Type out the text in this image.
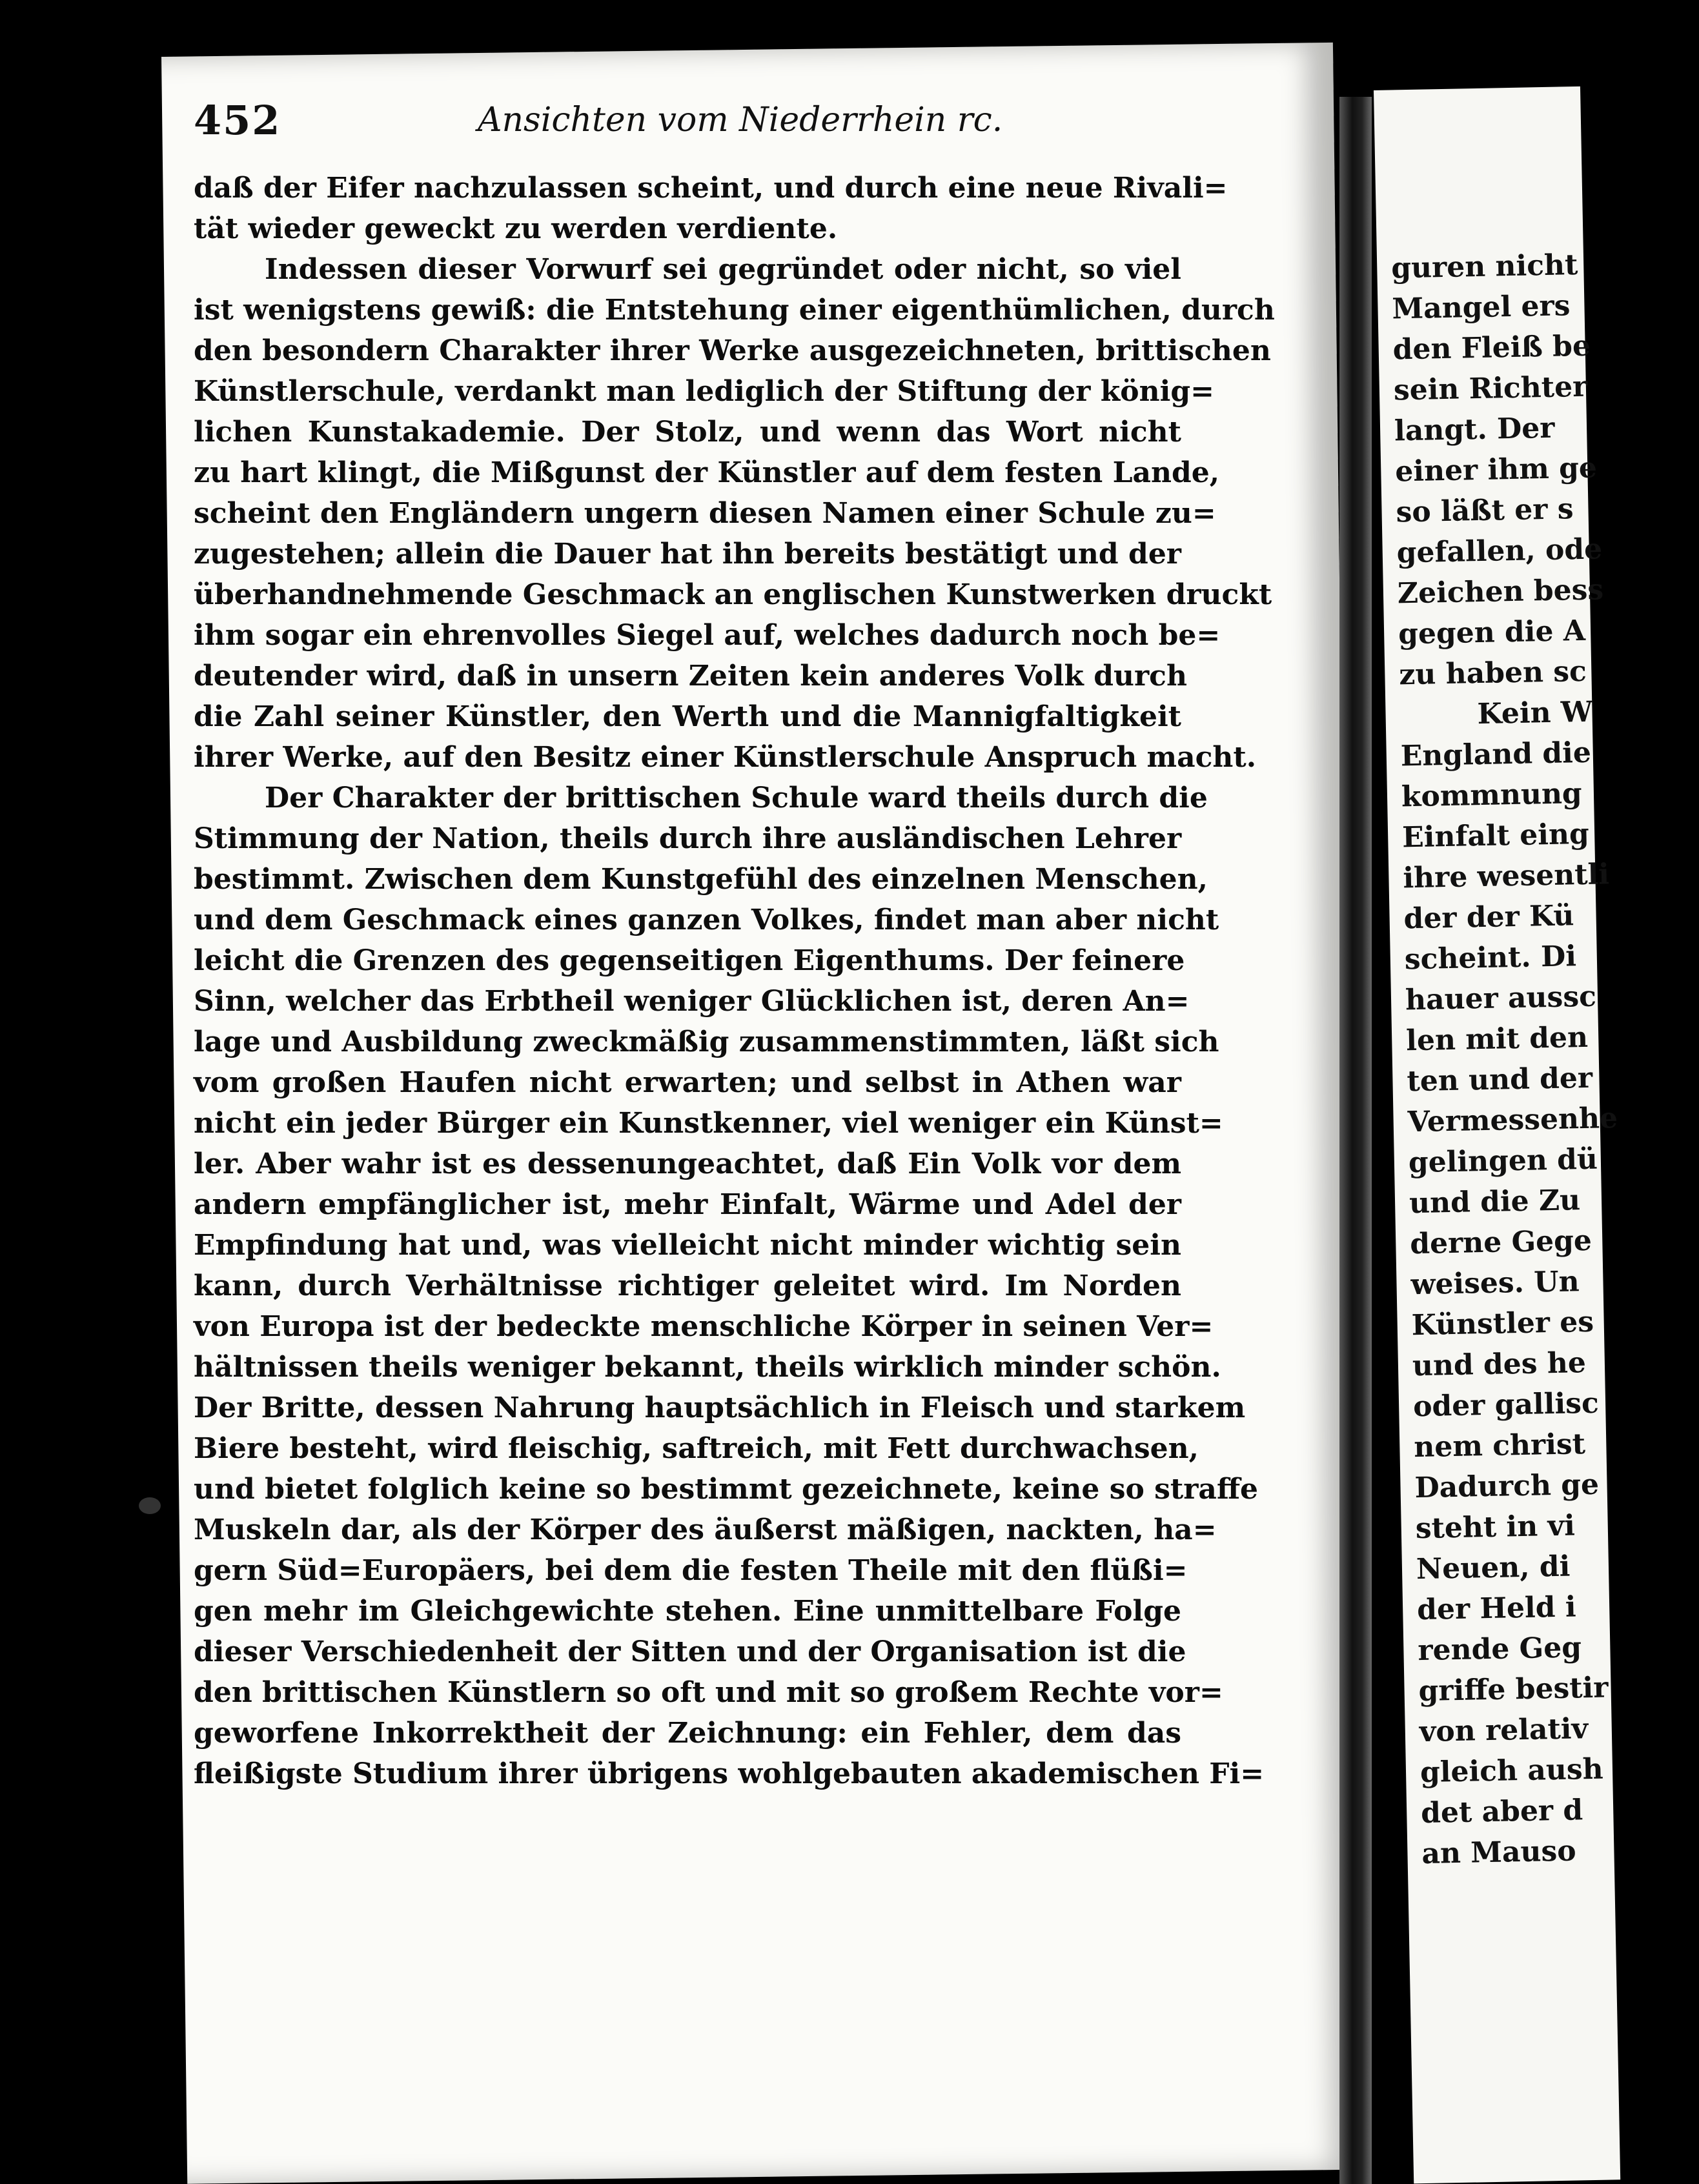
guren nicht
Mangel ers
den Fleiß be
sein Richter
langt. Der
einer ihm ge
so läßt er s
gefallen, ode
Zeichen bess
gegen die A
zu haben sc
Kein W
England die
kommnung
Einfalt eing
ihre wesentli
der der Kü
scheint. Di
hauer aussc
len mit den
ten und der
Vermessenhe
gelingen dü
und die Zu
derne Gege
weises. Un
Künstler es
und des he
oder gallisc
nem christ
Dadurch ge
steht in vi
Neuen, di
der Held i
rende Geg
griffe bestir
von relativ
gleich aush
det aber d
an Mauso
452	Ansichten vom Niederrhein rc.
daß der Eifer nachzulassen scheint, und durch eine neue Rivali=
tät wieder geweckt zu werden verdiente.
Indessen dieser Vorwurf sei gegründet oder nicht, so viel
ist wenigstens gewiß: die Entstehung einer eigenthümlichen, durch
den besondern Charakter ihrer Werke ausgezeichneten, brittischen
Künstlerschule, verdankt man lediglich der Stiftung der könig=
lichen Kunstakademie. Der Stolz, und wenn das Wort nicht
zu hart klingt, die Mißgunst der Künstler auf dem festen Lande,
scheint den Engländern ungern diesen Namen einer Schule zu=
zugestehen; allein die Dauer hat ihn bereits bestätigt und der
überhandnehmende Geschmack an englischen Kunstwerken druckt
ihm sogar ein ehrenvolles Siegel auf, welches dadurch noch be=
deutender wird, daß in unsern Zeiten kein anderes Volk durch
die Zahl seiner Künstler, den Werth und die Mannigfaltigkeit
ihrer Werke, auf den Besitz einer Künstlerschule Anspruch macht.
Der Charakter der brittischen Schule ward theils durch die
Stimmung der Nation, theils durch ihre ausländischen Lehrer
bestimmt. Zwischen dem Kunstgefühl des einzelnen Menschen,
und dem Geschmack eines ganzen Volkes, findet man aber nicht
leicht die Grenzen des gegenseitigen Eigenthums. Der feinere
Sinn, welcher das Erbtheil weniger Glücklichen ist, deren An=
lage und Ausbildung zweckmäßig zusammenstimmten, läßt sich
vom großen Haufen nicht erwarten; und selbst in Athen war
nicht ein jeder Bürger ein Kunstkenner, viel weniger ein Künst=
ler. Aber wahr ist es dessenungeachtet, daß Ein Volk vor dem
andern empfänglicher ist, mehr Einfalt, Wärme und Adel der
Empfindung hat und, was vielleicht nicht minder wichtig sein
kann, durch Verhältnisse richtiger geleitet wird. Im Norden
von Europa ist der bedeckte menschliche Körper in seinen Ver=
hältnissen theils weniger bekannt, theils wirklich minder schön.
Der Britte, dessen Nahrung hauptsächlich in Fleisch und starkem
Biere besteht, wird fleischig, saftreich, mit Fett durchwachsen,
und bietet folglich keine so bestimmt gezeichnete, keine so straffe
Muskeln dar, als der Körper des äußerst mäßigen, nackten, ha=
gern Süd=Europäers, bei dem die festen Theile mit den flüßi=
gen mehr im Gleichgewichte stehen. Eine unmittelbare Folge
dieser Verschiedenheit der Sitten und der Organisation ist die
den brittischen Künstlern so oft und mit so großem Rechte vor=
geworfene Inkorrektheit der Zeichnung: ein Fehler, dem das
fleißigste Studium ihrer übrigens wohlgebauten akademischen Fi=
